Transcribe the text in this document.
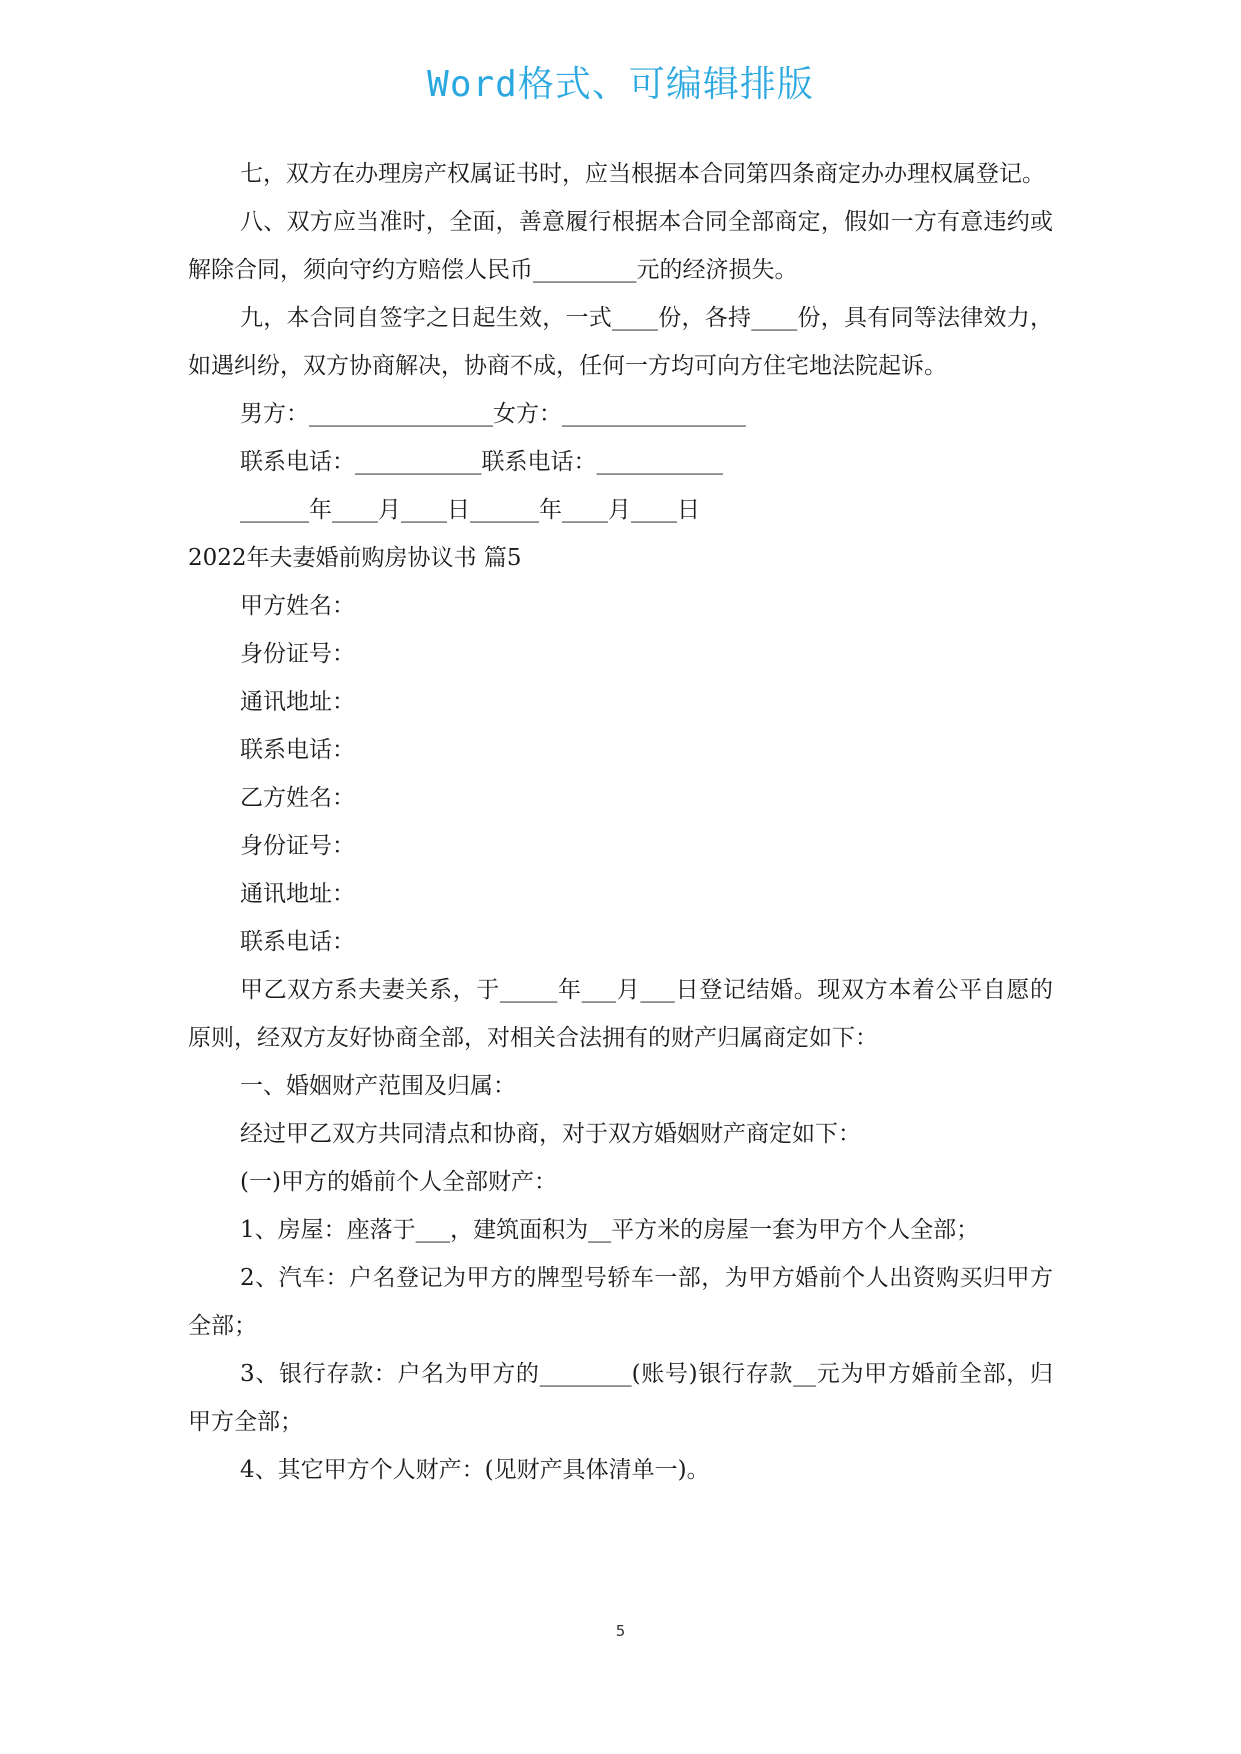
Word格式、可编辑排版

七，双方在办理房产权属证书时，应当根据本合同第四条商定办办理权属登记。

八、双方应当准时，全面，善意履行根据本合同全部商定，假如一方有意违约或解除合同，须向守约方赔偿人民币_________元的经济损失。

九，本合同自签字之日起生效，一式____份，各持____份，具有同等法律效力，如遇纠纷，双方协商解决，协商不成，任何一方均可向方住宅地法院起诉。

男方：________________女方：________________

联系电话：___________联系电话：___________

______年____月____日______年____月____日

2022年夫妻婚前购房协议书 篇5

甲方姓名：

身份证号：

通讯地址：

联系电话：

乙方姓名：

身份证号：

通讯地址：

联系电话：

甲乙双方系夫妻关系，于_____年___月___日登记结婚。现双方本着公平自愿的原则，经双方友好协商全部，对相关合法拥有的财产归属商定如下：

一、婚姻财产范围及归属：

经过甲乙双方共同清点和协商，对于双方婚姻财产商定如下：

(一)甲方的婚前个人全部财产：

1、房屋：座落于___，建筑面积为__平方米的房屋一套为甲方个人全部；

2、汽车：户名登记为甲方的牌型号轿车一部，为甲方婚前个人出资购买归甲方全部；

3、银行存款：户名为甲方的________(账号)银行存款__元为甲方婚前全部，归甲方全部；

4、其它甲方个人财产：(见财产具体清单一)。

5
